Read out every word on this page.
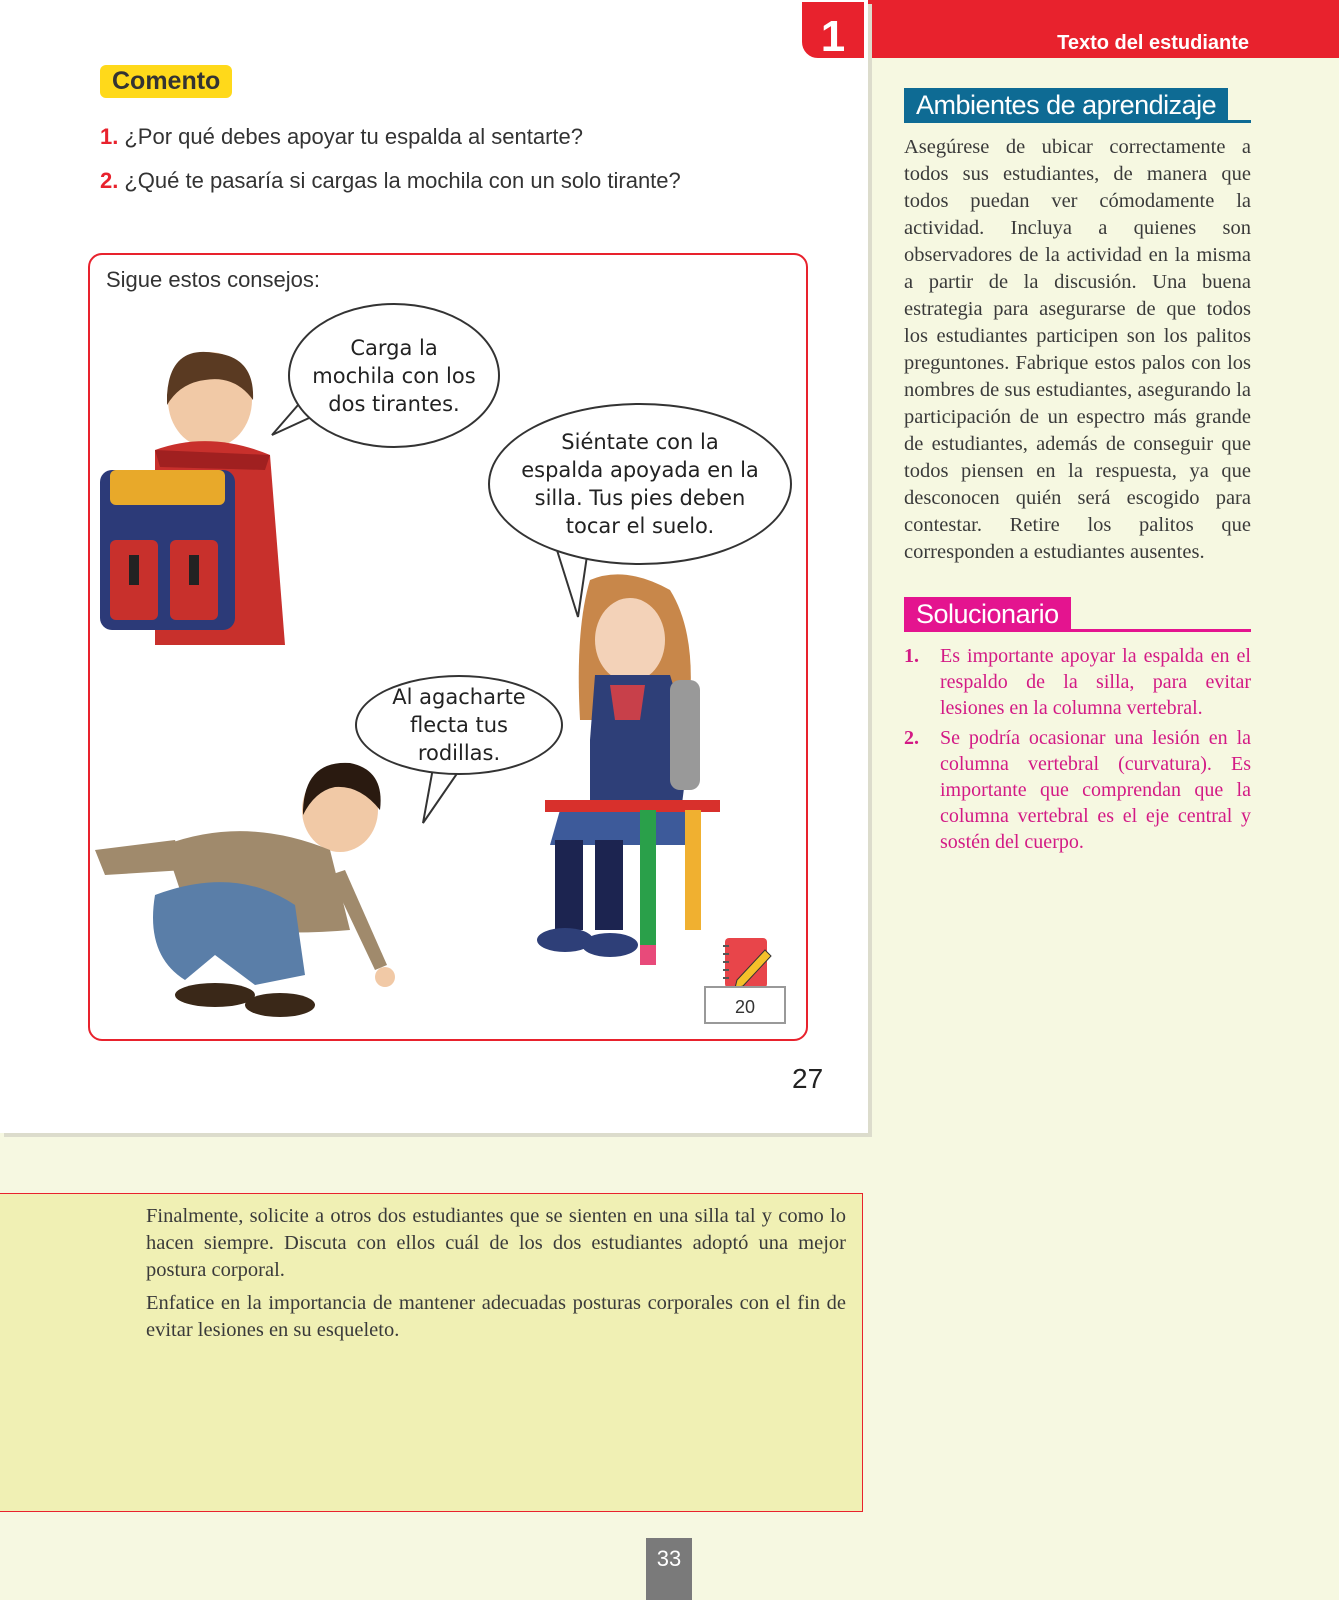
Texto del estudiante
1
Comento
1. ¿Por qué debes apoyar tu espalda al sentarte?
2. ¿Qué te pasaría si cargas la mochila con un solo tirante?
Sigue estos consejos:
Carga la mochila con los dos tirantes.
Siéntate con la espalda apoyada en la silla. Tus pies deben tocar el suelo.
Al agacharte flecta tus rodillas.
20
27
Ambientes de aprendizaje
Asegúrese de ubicar correctamente a todos sus estudiantes, de manera que todos puedan ver cómodamente la actividad. Incluya a quienes son observadores de la actividad en la misma a partir de la discusión. Una buena estrategia para asegurarse de que todos los estudiantes participen son los palitos preguntones. Fabrique estos palos con los nombres de sus estudiantes, asegurando la participación de un espectro más grande de estudiantes, además de conseguir que todos piensen en la respuesta, ya que desconocen quién será escogido para contestar. Retire los palitos que corresponden a estudiantes ausentes.
Solucionario
1.	Es importante apoyar la espalda en el respaldo de la silla, para evitar lesiones en la columna vertebral.
2.	Se podría ocasionar una lesión en la columna vertebral (curvatura). Es importante que comprendan que la columna vertebral es el eje central y sostén del cuerpo.

Finalmente, solicite a otros dos estudiantes que se sienten en una silla tal y como lo hacen siempre. Discuta con ellos cuál de los dos estudiantes adoptó una mejor postura corporal.

Enfatice en la importancia de mantener adecuadas posturas corporales con el fin de evitar lesiones en su esqueleto.

33
